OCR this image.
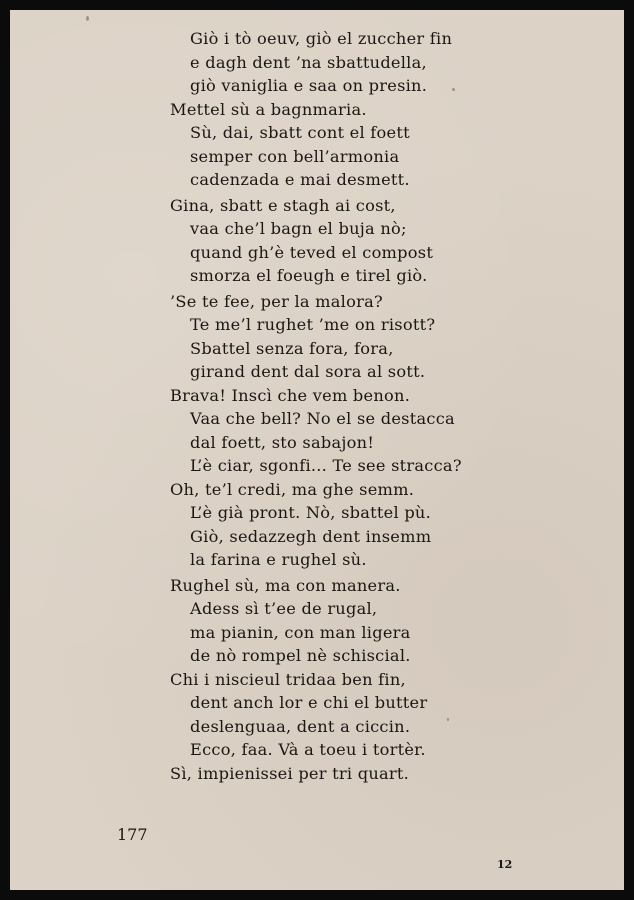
Giò i tò oeuv, giò el zuccher fin
e dagh dent ’na sbattudella,
giò vaniglia e saa on presin.
Mettel sù a bagnmaria.
Sù, dai, sbatt cont el foett
semper con bell’armonia
cadenzada e mai desmett.
Gina, sbatt e stagh ai cost,
vaa che’l bagn el buja nò;
quand gh’è teved el compost
smorza el foeugh e tirel giò.
’Se te fee, per la malora?
Te me’l rughet ’me on risott?
Sbattel senza fora, fora,
girand dent dal sora al sott.
Brava! Inscì che vem benon.
Vaa che bell? No el se destacca
dal foett, sto sabajon!
L’è ciar, sgonfi... Te see stracca?
Oh, te’l credi, ma ghe semm.
L’è già pront. Nò, sbattel pù.
Giò, sedazzegh dent insemm
la farina e rughel sù.
Rughel sù, ma con manera.
Adess sì t’ee de rugal,
ma pianin, con man ligera
de nò rompel nè schiscial.
Chi i niscieul tridaa ben fin,
dent anch lor e chi el butter
deslenguaa, dent a ciccin.
Ecco, faa. Và a toeu i tortèr.
Sì, impienissei per tri quart.
177
12
